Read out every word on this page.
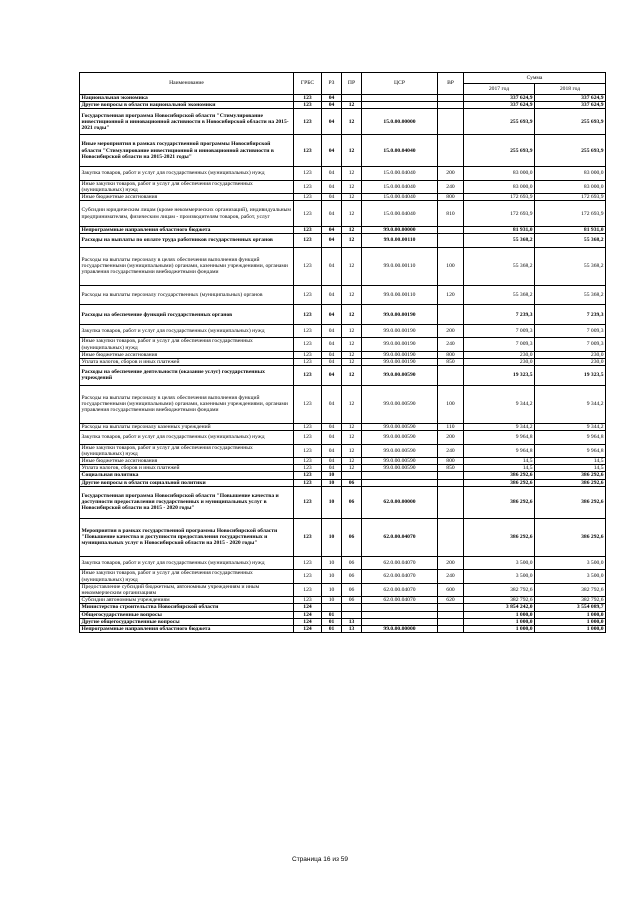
Наименование	ГРБС	РЗ	ПР	ЦСР	ВР	Сумма	
						2017 год	2018 год
Национальная экономика	123	04				337 624,9	337 624,9
Другие вопросы в области национальной экономики	123	04	12			337 624,9	337 624,9
Государственная программа Новосибирской области "Стимулирование инвестиционной и инновационной активности в Новосибирской области на 2015-2021 годы"	123	04	12	15.0.00.00000		255 693,9	255 693,9
Иные мероприятия в рамках государственной программы Новосибирской области "Стимулирование инвестиционной и инновационной активности в Новосибирской области на 2015-2021 годы"	123	04	12	15.0.00.04040		255 693,9	255 693,9
Закупка товаров, работ и услуг для государственных (муниципальных) нужд	123	04	12	15.0.00.04040	200	83 000,0	83 000,0
Иные закупки товаров, работ и услуг для обеспечения государственных (муниципальных) нужд	123	04	12	15.0.00.04040	240	83 000,0	83 000,0
Иные бюджетные ассигнования	123	04	12	15.0.00.04040	800	172 693,9	172 693,9
Субсидии юридическим лицам (кроме некоммерческих организаций), индивидуальным предпринимателям, физическим лицам - производителям товаров, работ, услуг	123	04	12	15.0.00.04040	810	172 693,9	172 693,9
Непрограммные направления областного бюджета	123	04	12	99.0.00.00000		81 931,0	81 931,0
Расходы на выплаты по оплате труда работников государственных органов	123	04	12	99.0.00.00110		55 368,2	55 368,2
Расходы на выплаты персоналу в целях обеспечения выполнения функций государственными (муниципальными) органами, казенными учреждениями, органами управления государственными внебюджетными фондами	123	04	12	99.0.00.00110	100	55 368,2	55 368,2
Расходы на выплаты персоналу государственных (муниципальных) органов	123	04	12	99.0.00.00110	120	55 368,2	55 368,2
Расходы на обеспечение функций государственных органов	123	04	12	99.0.00.00190		7 239,3	7 239,3
Закупка товаров, работ и услуг для государственных (муниципальных) нужд	123	04	12	99.0.00.00190	200	7 009,3	7 009,3
Иные закупки товаров, работ и услуг для обеспечения государственных (муниципальных) нужд	123	04	12	99.0.00.00190	240	7 009,3	7 009,3
Иные бюджетные ассигнования	123	04	12	99.0.00.00190	800	230,0	230,0
Уплата налогов, сборов и иных платежей	123	04	12	99.0.00.00190	850	230,0	230,0
Расходы на обеспечение деятельности (оказание услуг) государственных учреждений	123	04	12	99.0.00.00590		19 323,5	19 323,5
Расходы на выплаты персоналу в целях обеспечения выполнения функций государственными (муниципальными) органами, казенными учреждениями, органами управления государственными внебюджетными фондами	123	04	12	99.0.00.00590	100	9 344,2	9 344,2
Расходы на выплаты персоналу казенных учреждений	123	04	12	99.0.00.00590	110	9 344,2	9 344,2
Закупка товаров, работ и услуг для государственных (муниципальных) нужд	123	04	12	99.0.00.00590	200	9 964,8	9 964,8
Иные закупки товаров, работ и услуг для обеспечения государственных (муниципальных) нужд	123	04	12	99.0.00.00590	240	9 964,8	9 964,8
Иные бюджетные ассигнования	123	04	12	99.0.00.00590	800	14,5	14,5
Уплата налогов, сборов и иных платежей	123	04	12	99.0.00.00590	850	14,5	14,5
Социальная политика	123	10				386 292,6	386 292,6
Другие вопросы в области социальной политики	123	10	06			386 292,6	386 292,6
Государственная программа Новосибирской области "Повышение качества и доступности предоставления государственных и муниципальных услуг в Новосибирской области на 2015 - 2020 годы"	123	10	06	62.0.00.00000		386 292,6	386 292,6
Мероприятия в рамках государственной программы Новосибирской области "Повышение качества и доступности предоставления государственных и муниципальных услуг в Новосибирской области на 2015 - 2020 годы"	123	10	06	62.0.00.04070		386 292,6	386 292,6
Закупка товаров, работ и услуг для государственных (муниципальных) нужд	123	10	06	62.0.00.04070	200	3 500,0	3 500,0
Иные закупки товаров, работ и услуг для обеспечения государственных (муниципальных) нужд	123	10	06	62.0.00.04070	240	3 500,0	3 500,0
Предоставление субсидий бюджетным, автономным учреждениям и иным некоммерческим организациям	123	10	06	62.0.00.04070	600	382 792,6	382 792,6
Субсидии автономным учреждениям	123	10	06	62.0.00.04070	620	382 792,6	382 792,6
Министерство строительства Новосибирской области	124					3 854 242,0	3 554 089,7
Общегосударственные вопросы	124	01				1 000,0	1 000,0
Другие общегосударственные вопросы	124	01	13			1 000,0	1 000,0
Непрограммные направления областного бюджета	124	01	13	99.0.00.00000		1 000,0	1 000,0
Страница 16 из 59
